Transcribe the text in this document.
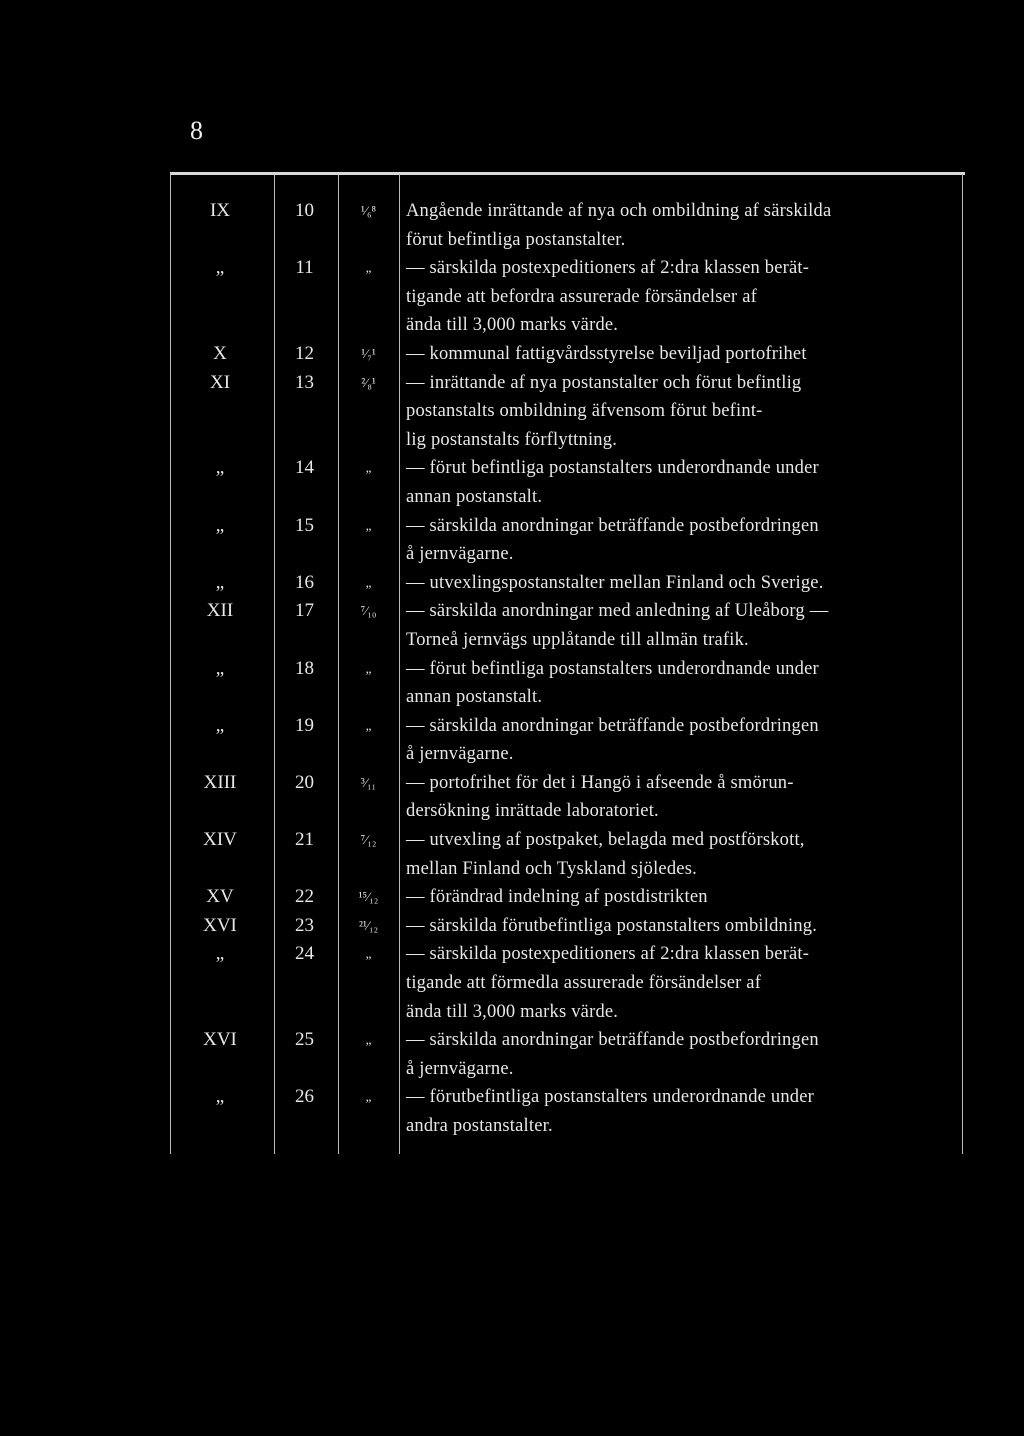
8
IX	10	¹⁄₆⁸	Angående inrättande af nya och ombildning af särskilda
förut befintliga postanstalter.
„	11	„	— särskilda postexpeditioners af 2:dra klassen berät-
tigande att befordra assurerade försändelser af
ända till 3,000 marks värde.
X	12	¹⁄₇¹	— kommunal fattigvårdsstyrelse beviljad portofrihet
XI	13	²⁄₈¹	— inrättande af nya postanstalter och förut befintlig
postanstalts ombildning äfvensom förut befint-
lig postanstalts förflyttning.
„	14	„	— förut befintliga postanstalters underordnande under
annan postanstalt.
„	15	„	— särskilda anordningar beträffande postbefordringen
å jernvägarne.
„	16	„	— utvexlingspostanstalter mellan Finland och Sverige.
XII	17	⁷⁄₁₀	— särskilda anordningar med anledning af Uleåborg —
Torneå jernvägs upplåtande till allmän trafik.
„	18	„	— förut befintliga postanstalters underordnande under
annan postanstalt.
„	19	„	— särskilda anordningar beträffande postbefordringen
å jernvägarne.
XIII	20	³⁄₁₁	— portofrihet för det i Hangö i afseende å smörun-
dersökning inrättade laboratoriet.
XIV	21	⁷⁄₁₂	— utvexling af postpaket, belagda med postförskott,
mellan Finland och Tyskland sjöledes.
XV	22	¹⁵⁄₁₂	— förändrad indelning af postdistrikten
XVI	23	²¹⁄₁₂	— särskilda förutbefintliga postanstalters ombildning.
„	24	„	— särskilda postexpeditioners af 2:dra klassen berät-
tigande att förmedla assurerade försändelser af
ända till 3,000 marks värde.
XVI	25	„	— särskilda anordningar beträffande postbefordringen
å jernvägarne.
„	26	„	— förutbefintliga postanstalters underordnande under
andra postanstalter.
